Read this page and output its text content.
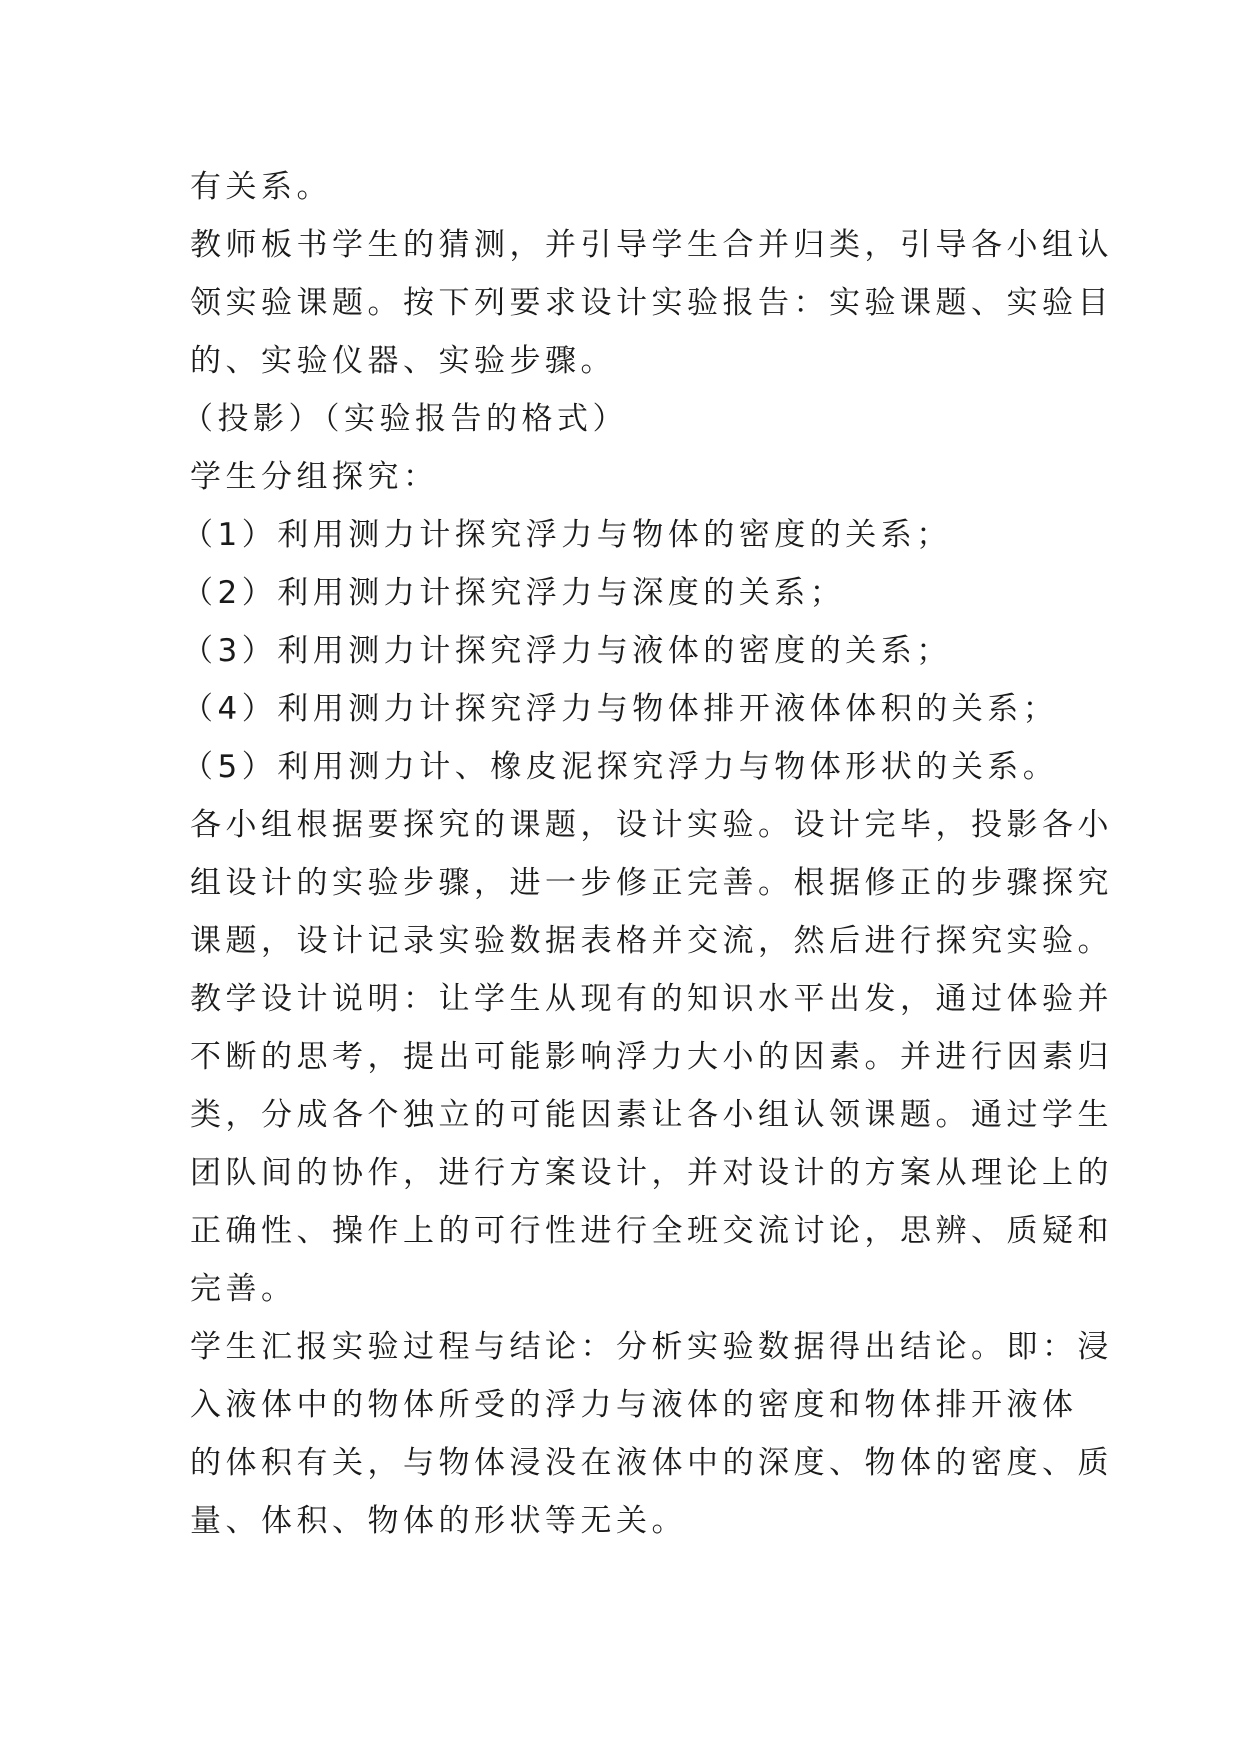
有关系。
教师板书学生的猜测，并引导学生合并归类，引导各小组认
领实验课题。按下列要求设计实验报告：实验课题、实验目
的、实验仪器、实验步骤。
（投影）（实验报告的格式）
学生分组探究：
（1）利用测力计探究浮力与物体的密度的关系；
（2）利用测力计探究浮力与深度的关系；
（3）利用测力计探究浮力与液体的密度的关系；
（4）利用测力计探究浮力与物体排开液体体积的关系；
（5）利用测力计、橡皮泥探究浮力与物体形状的关系。
各小组根据要探究的课题，设计实验。设计完毕，投影各小
组设计的实验步骤，进一步修正完善。根据修正的步骤探究
课题，设计记录实验数据表格并交流，然后进行探究实验。
教学设计说明：让学生从现有的知识水平出发，通过体验并
不断的思考，提出可能影响浮力大小的因素。并进行因素归
类，分成各个独立的可能因素让各小组认领课题。通过学生
团队间的协作，进行方案设计，并对设计的方案从理论上的
正确性、操作上的可行性进行全班交流讨论，思辨、质疑和
完善。
学生汇报实验过程与结论：分析实验数据得出结论。即：浸
入液体中的物体所受的浮力与液体的密度和物体排开液体
的体积有关，与物体浸没在液体中的深度、物体的密度、质
量、体积、物体的形状等无关。
